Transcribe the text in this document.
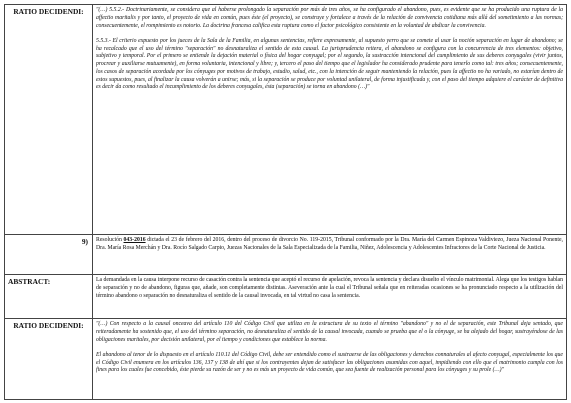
RATIO DECIDENDI:	"(…) 5.5.2.- Doctrinariamente, se considera que al haberse prolongado la separación por más de tres años, se ha configurado el abandono, pues, es evidente que se ha producido una ruptura de la affectio maritalis y por tanto, el proyecto de vida en común, pues éste (el proyecto), se construye y fortalece a través de la relación de convivencia cotidiana más allá del sometimiento a las normas; consecuentemente, el rompimiento es notorio. La doctrina francesa califica esta ruptura como el factor psicológico consistente en la voluntad de abdicar la convivencia.

5.5.3.- El criterio expuesto por los jueces de la Sala de la Familia, en algunas sentencias, refiere expresamente, al supuesto yerro que se comete al usar la noción separación en lugar de abandono; se ha recalcado que el uso del término "separación" no desnaturaliza el sentido de esta causal. La jurisprudencia reitera, el abandono se configura con la concurrencia de tres elementos: objetivo, subjetivo y temporal. Por el primero se entiende la dejación material o física del hogar conyugal; por el segundo, la sustracción intencional del cumplimiento de sus deberes conyugales (vivir juntos, procrear y auxiliarse mutuamente), en forma voluntaria, intencional y libre; y, tercero el paso del tiempo que el legislador ha considerado prudente para tenerlo como tal: tres años; consecuentemente, los casos de separación acordada por los cónyuges por motivos de trabajo, estudio, salud, etc., con la intención de seguir manteniendo la relación, pues la affectio no ha variado, no estarían dentro de estos supuestos, pues, al finalizar la causa volverán a unirse; más, si la separación se produce por voluntad unilateral, de forma injustificada y, con el paso del tiempo adquiere el carácter de definitiva es decir da como resultado el incumplimiento de los deberes conyugales, ésta (separación) se torna en abandono (…)"

9)	Resolución 043-2016 dictada el 23 de febrero del 2016, dentro del proceso de divorcio No. 119-2015, Tribunal conformado por la Dra. María del Carmen Espinoza Valdiviezo, Jueza Nacional Ponente, Dra. María Rosa Merchán y Dra. Rocío Salgado Carpio, Juezas Nacionales de la Sala Especializada de la Familia, Niñez, Adolescencia y Adolescentes Infractores de la Corte Nacional de Justicia.
ABSTRACT:	La demandada en la causa interpone recurso de casación contra la sentencia que aceptó el recurso de apelación, revoca la sentencia y declara disuelto el vínculo matrimonial. Alega que los testigos hablan de separación y no de abandono, figuras que, añade, son completamente distintas. Aseveración ante la cual el Tribunal señala que en reiteradas ocasiones se ha pronunciado respecto a la utilización del término abandono o separación no desnaturaliza el sentido de la causal invocada, en tal virtud no casa la sentencia.
RATIO DECIDENDI:	"(…) Con respecto a la causal onceava del artículo 110 del Código Civil que utiliza en la estructura de su texto el término "abandono" y no el de separación, este Tribunal deja sentado, que reiteradamente ha sostenido que, el uso del término separación, no desnaturaliza el sentido de la causal invocada, cuando se prueba que el o la cónyuge, se ha alejado del hogar, sustrayéndose de las obligaciones maritales, por decisión unilateral, por el tiempo y condiciones que establece la norma.

El abandono al tenor de lo dispuesto en el artículo 110.11 del Código Civil, debe ser entendido como el sustraerse de las obligaciones y derechos connaturales al afecto conyugal, especialmente los que el Código Civil enumera en los artículos 136, 137 y 138 de ahí que si los contrayentes dejan de satisfacer las obligaciones asumidas con aquel, impidiendo con ello que el matrimonio cumpla con los fines para los cuales fue concebido, éste pierde su razón de ser y no es más un proyecto de vida común, que sea fuente de realización personal para los cónyuges y su prole (…)"
